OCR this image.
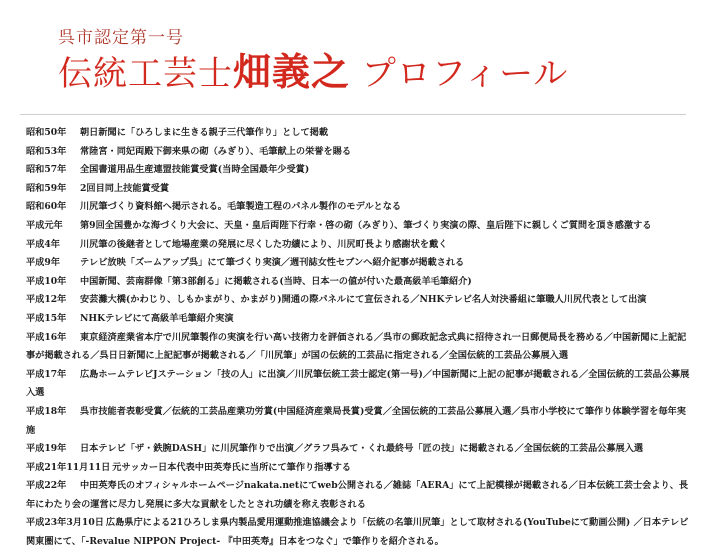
呉市認定第一号
伝統工芸士畑義之 プロフィール
昭和50年 朝日新聞に「ひろしまに生きる親子三代筆作り」として掲載
昭和53年 常陸宮・同妃両殿下御来県の砌（みぎり）、毛筆献上の栄誉を賜る
昭和57年 全国書道用品生産連盟技能賞受賞(当時全国最年少受賞)
昭和59年 2回目同上技能賞受賞
昭和60年 川尻筆づくり資料館へ掲示される。毛筆製造工程のパネル製作のモデルとなる
平成元年 第9回全国豊かな海づくり大会に、天皇・皇后両陛下行幸・啓の砌（みぎり）、筆づくり実演の際、皇后陛下に親しくご質問を頂き感激する
平成4年 川尻筆の後継者として地場産業の発展に尽くした功績により、川尻町長より感謝状を戴く
平成9年 テレビ放映「ズームアップ呉」にて筆づくり実演／週刊誌女性セブンへ紹介記事が掲載される
平成10年 中国新聞、芸南群像「第3部創る」に掲載される(当時、日本一の値が付いた最高級羊毛筆紹介)
平成12年 安芸灘大橋(かわじり、しもかまがり、かまがり)開通の際パネルにて宣伝される／NHKテレビ名人対決番組に筆職人川尻代表として出演
平成15年 NHKテレビにて高級羊毛筆紹介実演
平成16年 東京経済産業省本庁で川尻筆製作の実演を行い高い技術力を評価される／呉市の郵政記念式典に招待され一日郵便局長を務める／中国新聞に上記記事が掲載される／呉日日新聞に上記記事が掲載される／「川尻筆」が国の伝統的工芸品に指定される／全国伝統的工芸品公募展入選
平成17年 広島ホームテレビJステーション「技の人」に出演／川尻筆伝統工芸士認定(第一号)／中国新聞に上記の記事が掲載される／全国伝統的工芸品公募展入選
平成18年 呉市技能者表彰受賞／伝統的工芸品産業功労賞(中国経済産業局長賞)受賞／全国伝統的工芸品公募展入選／呉市小学校にて筆作り体験学習を毎年実施
平成19年 日本テレビ「ザ・鉄腕DASH」に川尻筆作りで出演／グラフ呉みて・くれ最終号「匠の技」に掲載される／全国伝統的工芸品公募展入選
平成21年11月11日 元サッカー日本代表中田英寿氏に当所にて筆作り指導する
平成22年 中田英寿氏のオフィシャルホームページnakata.netにてweb公開される／雑誌「AERA」にて上記模様が掲載される／日本伝統工芸士会より、長年にわたり会の運営に尽力し発展に多大な貢献をしたとされ功績を称え表彰される
平成23年3月10日 広島県庁による21ひろしま県内製品愛用運動推進協議会より「伝統の名筆川尻筆」として取材される(YouTubeにて動画公開) ／日本テレビ関東圏にて、「-Revalue NIPPON Project- 『中田英寿』日本をつなぐ」で筆作りを紹介される。
